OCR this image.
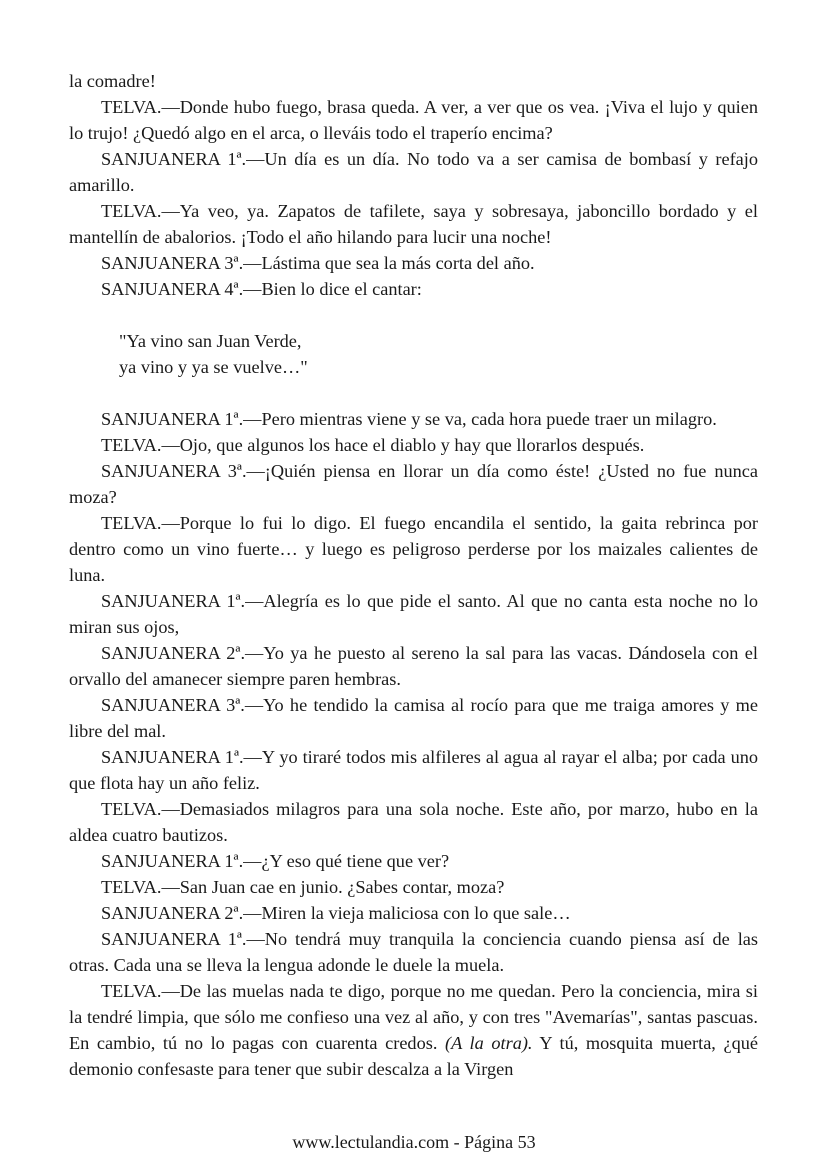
la comadre!

TELVA.—Donde hubo fuego, brasa queda. A ver, a ver que os vea. ¡Viva el lujo y quien lo trujo! ¿Quedó algo en el arca, o lleváis todo el traperío encima?

SANJUANERA 1ª.—Un día es un día. No todo va a ser camisa de bombasí y refajo amarillo.

TELVA.—Ya veo, ya. Zapatos de tafilete, saya y sobresaya, jaboncillo bordado y el mantellín de abalorios. ¡Todo el año hilando para lucir una noche!

SANJUANERA 3ª.—Lástima que sea la más corta del año.

SANJUANERA 4ª.—Bien lo dice el cantar:

"Ya vino san Juan Verde,
ya vino y ya se vuelve…"

SANJUANERA 1ª.—Pero mientras viene y se va, cada hora puede traer un milagro.

TELVA.—Ojo, que algunos los hace el diablo y hay que llorarlos después.

SANJUANERA 3ª.—¡Quién piensa en llorar un día como éste! ¿Usted no fue nunca moza?

TELVA.—Porque lo fui lo digo. El fuego encandila el sentido, la gaita rebrinca por dentro como un vino fuerte… y luego es peligroso perderse por los maizales calientes de luna.

SANJUANERA 1ª.—Alegría es lo que pide el santo. Al que no canta esta noche no lo miran sus ojos,

SANJUANERA 2ª.—Yo ya he puesto al sereno la sal para las vacas. Dándosela con el orvallo del amanecer siempre paren hembras.

SANJUANERA 3ª.—Yo he tendido la camisa al rocío para que me traiga amores y me libre del mal.

SANJUANERA 1ª.—Y yo tiraré todos mis alfileres al agua al rayar el alba; por cada uno que flota hay un año feliz.

TELVA.—Demasiados milagros para una sola noche. Este año, por marzo, hubo en la aldea cuatro bautizos.

SANJUANERA 1ª.—¿Y eso qué tiene que ver?

TELVA.—San Juan cae en junio. ¿Sabes contar, moza?

SANJUANERA 2ª.—Miren la vieja maliciosa con lo que sale…

SANJUANERA 1ª.—No tendrá muy tranquila la conciencia cuando piensa así de las otras. Cada una se lleva la lengua adonde le duele la muela.

TELVA.—De las muelas nada te digo, porque no me quedan. Pero la conciencia, mira si la tendré limpia, que sólo me confieso una vez al año, y con tres "Avemarías", santas pascuas. En cambio, tú no lo pagas con cuarenta credos. (A la otra). Y tú, mosquita muerta, ¿qué demonio confesaste para tener que subir descalza a la Virgen

www.lectulandia.com - Página 53
